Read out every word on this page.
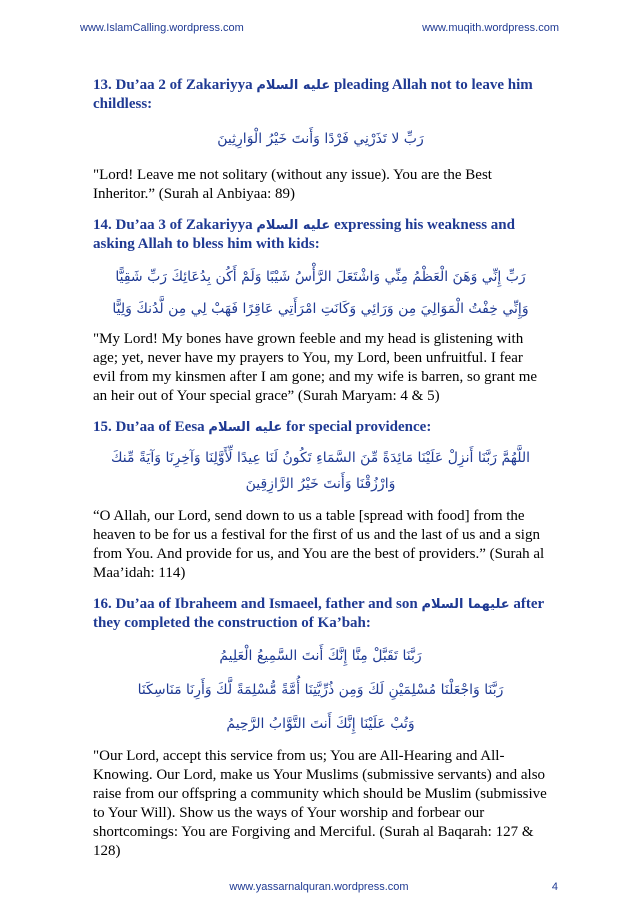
www.IslamCalling.wordpress.com	www.muqith.wordpress.com

13. Du’aa 2 of Zakariyya عليه السلام pleading Allah not to leave him childless:

رَبِّ لا تَذَرْنِي فَرْدًا وَأَنتَ خَيْرُ الْوَارِثِينَ

"Lord! Leave me not solitary (without any issue). You are the Best Inheritor.” (Surah al Anbiyaa: 89)

14. Du’aa 3 of Zakariyya عليه السلام expressing his weakness and asking Allah to bless him with kids:

رَبِّ إِنِّي وَهَنَ الْعَظْمُ مِنِّي وَاشْتَعَلَ الرَّأْسُ شَيْبًا وَلَمْ أَكُن بِدُعَائِكَ رَبِّ شَقِيًّا

وَإِنِّي خِفْتُ الْمَوَالِيَ مِن وَرَائِي وَكَانَتِ امْرَأَتِي عَاقِرًا فَهَبْ لِي مِن لَّدُنكَ وَلِيًّا

"My Lord! My bones have grown feeble and my head is glistening with age; yet, never have my prayers to You, my Lord, been unfruitful. I fear evil from my kinsmen after I am gone; and my wife is barren, so grant me an heir out of Your special grace” (Surah Maryam: 4 & 5)

15. Du’aa of Eesa عليه السلام for special providence:

اللَّهُمَّ رَبَّنَا أَنزِلْ عَلَيْنَا مَائِدَةً مِّنَ السَّمَاءِ تَكُونُ لَنَا عِيدًا لِّأَوَّلِنَا وَآخِرِنَا وَآيَةً مِّنكَ وَارْزُقْنَا وَأَنتَ خَيْرُ الرَّازِقِينَ

“O Allah, our Lord, send down to us a table [spread with food] from the heaven to be for us a festival for the first of us and the last of us and a sign from You. And provide for us, and You are the best of providers.” (Surah al Maa’idah: 114)

16. Du’aa of Ibraheem and Ismaeel, father and son عليهما السلام after they completed the construction of Ka’bah:

رَبَّنَا تَقَبَّلْ مِنَّا إِنَّكَ أَنتَ السَّمِيعُ الْعَلِيمُ

رَبَّنَا وَاجْعَلْنَا مُسْلِمَيْنِ لَكَ وَمِن ذُرِّيَّتِنَا أُمَّةً مُّسْلِمَةً لَّكَ وَأَرِنَا مَنَاسِكَنَا

وَتُبْ عَلَيْنَا إِنَّكَ أَنتَ التَّوَّابُ الرَّحِيمُ

"Our Lord, accept this service from us; You are All-Hearing and All-Knowing. Our Lord, make us Your Muslims (submissive servants) and also raise from our offspring a community which should be Muslim (submissive to Your Will). Show us the ways of Your worship and forbear our shortcomings: You are Forgiving and Merciful. (Surah al Baqarah: 127 & 128)

www.yassarnalquran.wordpress.com	4
